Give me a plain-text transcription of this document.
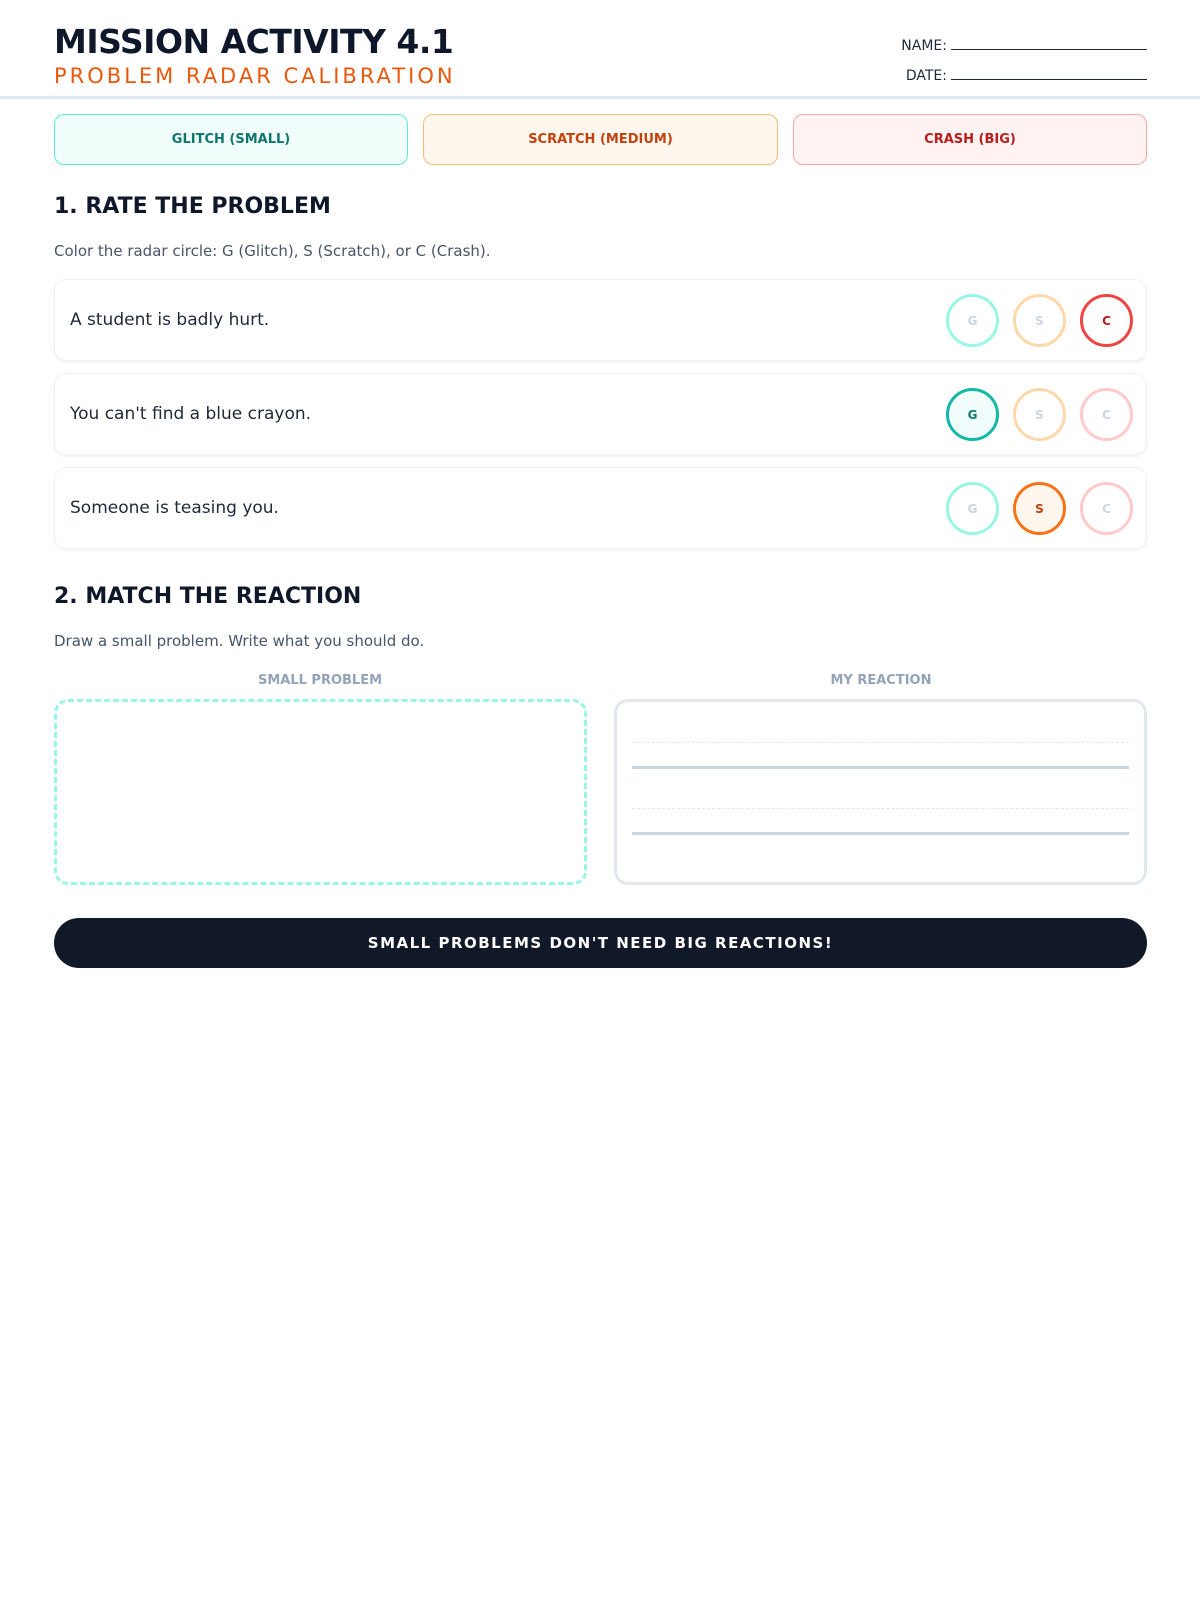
MISSION ACTIVITY 4.1
PROBLEM RADAR CALIBRATION
NAME:
DATE:
GLITCH (SMALL)	SCRATCH (MEDIUM)	CRASH (BIG)
1. RATE THE PROBLEM
Color the radar circle: G (Glitch), S (Scratch), or C (Crash).
A student is badly hurt.	G	S	C
You can't find a blue crayon.	G	S	C
Someone is teasing you.	G	S	C
2. MATCH THE REACTION
Draw a small problem. Write what you should do.
SMALL PROBLEM	MY REACTION
SMALL PROBLEMS DON'T NEED BIG REACTIONS!
